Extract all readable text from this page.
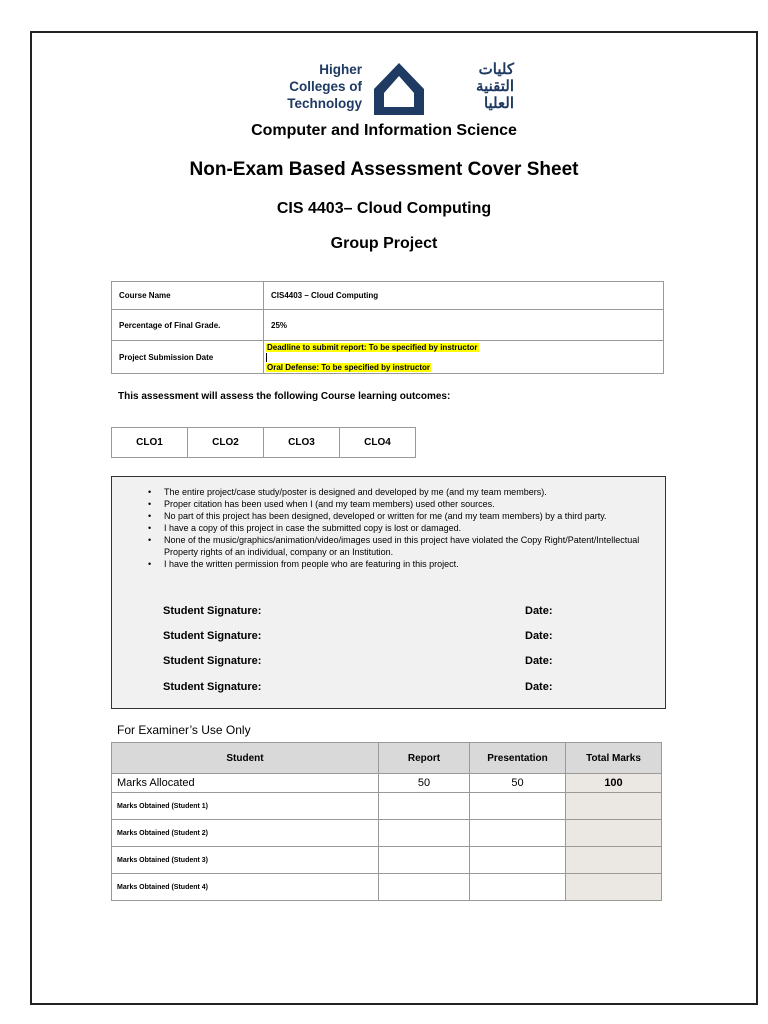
Higher
Colleges of
Technology
كليات
التقنية
العليا
Computer and Information Science
Non-Exam Based Assessment Cover Sheet
CIS 4403– Cloud Computing
Group Project
Course Name	CIS4403 – Cloud Computing
Percentage of Final Grade.	25%
Project Submission Date	Deadline to submit report: To be specified by instructor
Oral Defense: To be specified by instructor
This assessment will assess the following Course learning outcomes:
CLO1	CLO2	CLO3	CLO4
• The entire project/case study/poster is designed and developed by me (and my team members).
• Proper citation has been used when I (and my team members) used other sources.
• No part of this project has been designed, developed or written for me (and my team members) by a third party.
• I have a copy of this project in case the submitted copy is lost or damaged.
• None of the music/graphics/animation/video/images used in this project have violated the Copy Right/Patent/Intellectual Property rights of an individual, company or an Institution.
• I have the written permission from people who are featuring in this project.
Student Signature:	Date:
Student Signature:	Date:
Student Signature:	Date:
Student Signature:	Date:
For Examiner’s Use Only
Student	Report	Presentation	Total Marks
Marks Allocated	50	50	100
Marks Obtained (Student 1)			
Marks Obtained (Student 2)			
Marks Obtained (Student 3)			
Marks Obtained (Student 4)			
